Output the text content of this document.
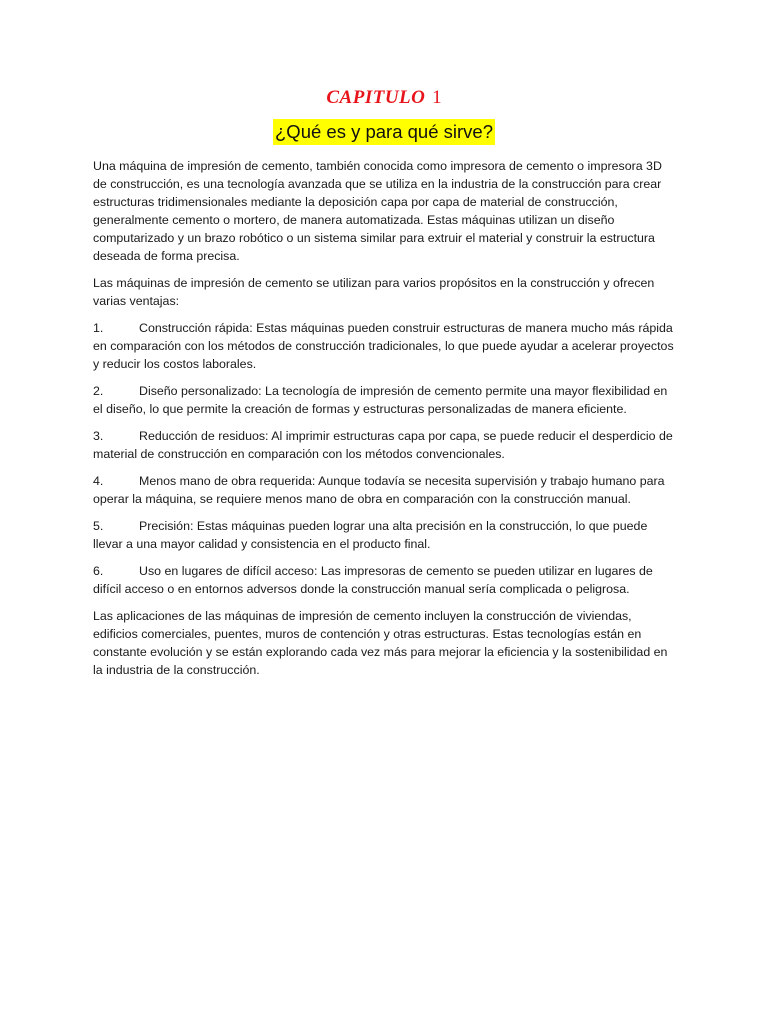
CAPITULO 1
¿Qué es y para qué sirve?

Una máquina de impresión de cemento, también conocida como impresora de cemento o impresora 3D de construcción, es una tecnología avanzada que se utiliza en la industria de la construcción para crear estructuras tridimensionales mediante la deposición capa por capa de material de construcción, generalmente cemento o mortero, de manera automatizada. Estas máquinas utilizan un diseño computarizado y un brazo robótico o un sistema similar para extruir el material y construir la estructura deseada de forma precisa.

Las máquinas de impresión de cemento se utilizan para varios propósitos en la construcción y ofrecen varias ventajas:

1.	Construcción rápida: Estas máquinas pueden construir estructuras de manera mucho más rápida en comparación con los métodos de construcción tradicionales, lo que puede ayudar a acelerar proyectos y reducir los costos laborales.
2.	Diseño personalizado: La tecnología de impresión de cemento permite una mayor flexibilidad en el diseño, lo que permite la creación de formas y estructuras personalizadas de manera eficiente.
3.	Reducción de residuos: Al imprimir estructuras capa por capa, se puede reducir el desperdicio de material de construcción en comparación con los métodos convencionales.
4.	Menos mano de obra requerida: Aunque todavía se necesita supervisión y trabajo humano para operar la máquina, se requiere menos mano de obra en comparación con la construcción manual.
5.	Precisión: Estas máquinas pueden lograr una alta precisión en la construcción, lo que puede llevar a una mayor calidad y consistencia en el producto final.
6.	Uso en lugares de difícil acceso: Las impresoras de cemento se pueden utilizar en lugares de difícil acceso o en entornos adversos donde la construcción manual sería complicada o peligrosa.

Las aplicaciones de las máquinas de impresión de cemento incluyen la construcción de viviendas, edificios comerciales, puentes, muros de contención y otras estructuras. Estas tecnologías están en constante evolución y se están explorando cada vez más para mejorar la eficiencia y la sostenibilidad en la industria de la construcción.
